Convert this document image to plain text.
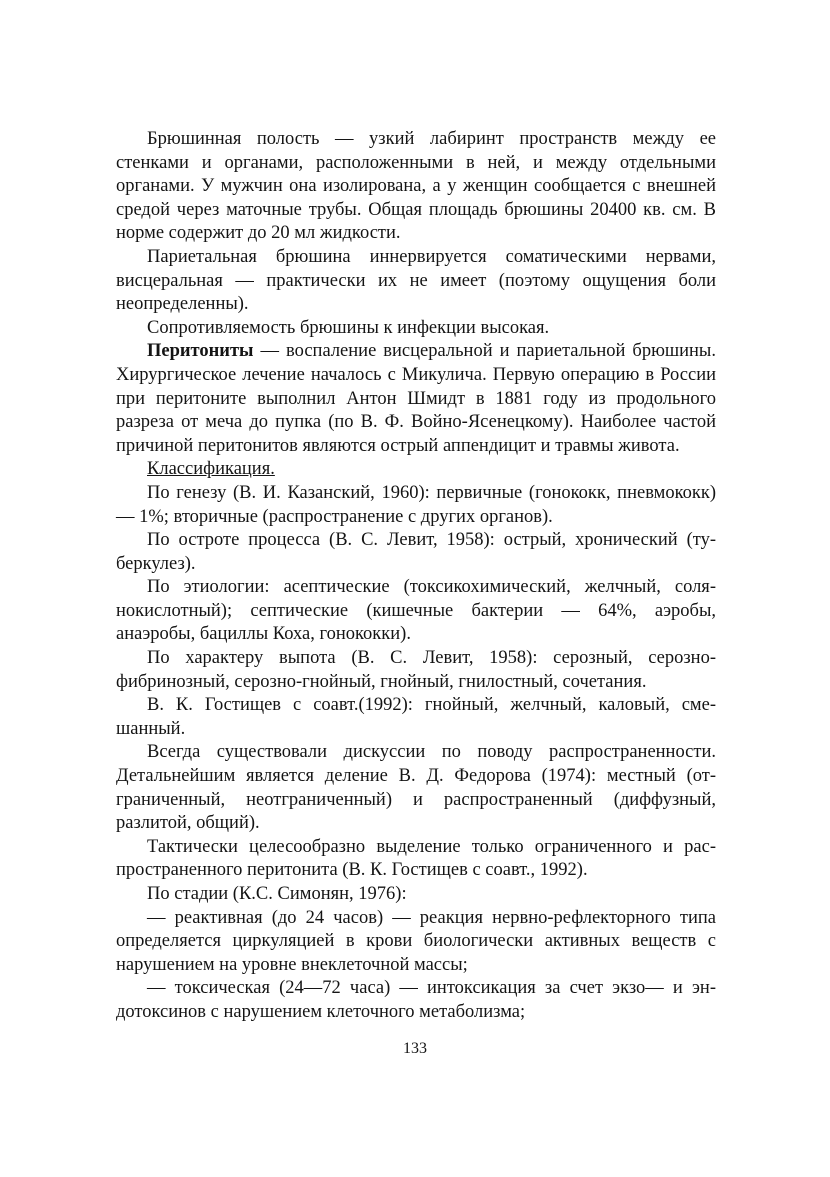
Брюшинная полость — узкий лабиринт пространств между ее стенками и органами, расположенными в ней, и между отдельными органами. У мужчин она изолирована, а у женщин сообщается с внешней средой через маточные трубы. Общая площадь брюшины 20400 кв. см. В норме содержит до 20 мл жидкости.

Париетальная брюшина иннервируется соматическими нервами, висцеральная — практически их не имеет (поэтому ощущения боли неопределенны).

Сопротивляемость брюшины к инфекции высокая.

Перитониты — воспаление висцеральной и париетальной брюшины. Хирургическое лечение началось с Микулича. Первую операцию в России при перитоните выполнил Антон Шмидт в 1881 году из продольного разреза от меча до пупка (по В. Ф. Войно-Ясенецкому). Наиболее частой причиной перитонитов являются острый аппендицит и травмы живота.

Классификация.

По генезу (В. И. Казанский, 1960): первичные (гонококк, пневмококк) — 1%; вторичные (распространение с других органов).

По остроте процесса (В. С. Левит, 1958): острый, хронический (туберкулез).

По этиологии: асептические (токсикохимический, желчный, солянокислотный); септические (кишечные бактерии — 64%, аэробы, анаэробы, бациллы Коха, гонококки).

По характеру выпота (В. С. Левит, 1958): серозный, серознофибринозный, серозно-гнойный, гнойный, гнилостный, сочетания.

В. К. Гостищев с соавт.(1992): гнойный, желчный, каловый, смешанный.

Всегда существовали дискуссии по поводу распространенности. Детальнейшим является деление В. Д. Федорова (1974): местный (отграниченный, неотграниченный) и распространенный (диффузный, разлитой, общий).

Тактически целесообразно выделение только ограниченного и распространенного перитонита (В. К. Гостищев с соавт., 1992).

По стадии (К.С. Симонян, 1976):

— реактивная (до 24 часов) — реакция нервно-рефлекторного типа определяется циркуляцией в крови биологически активных веществ с нарушением на уровне внеклеточной массы;

— токсическая (24—72 часа) — интоксикация за счет экзо— и эндотоксинов с нарушением клеточного метаболизма;

133
